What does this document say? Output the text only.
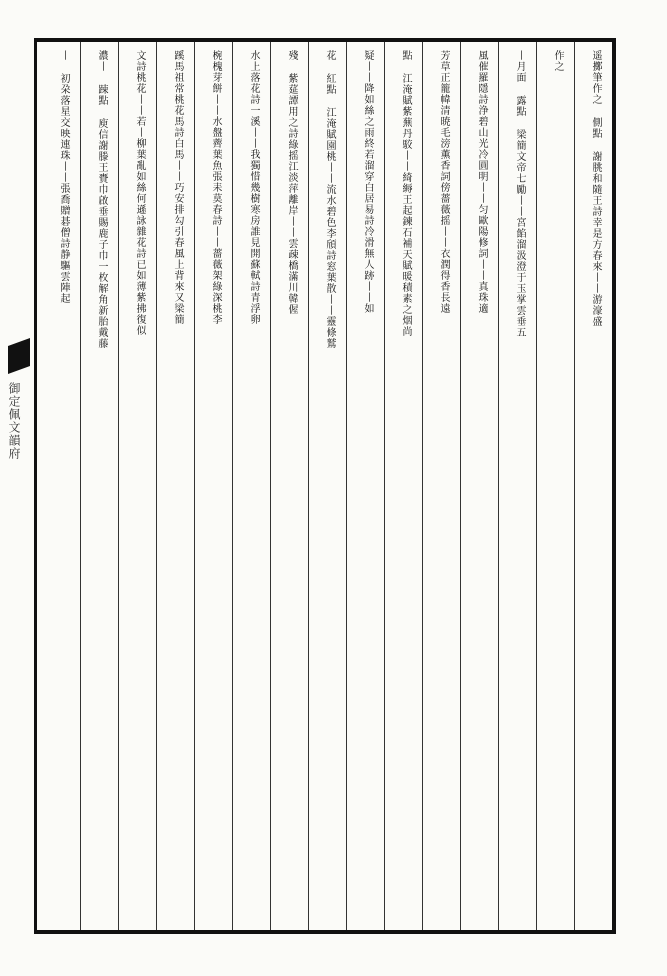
御定佩文韻府
遥擲筆作之 側點 謝朓和隨王詩幸是方春來丨丨游濠盛
作之
丨月面 露點 梁簡文帝七勵丨丨宮餡溜汲澄于玉掌雲垂五
風催羅隱詩浄碧山光冷圓明丨丨匀歐陽修詞丨丨真珠適
芳草正籠幃清暁毛滂薫香詞傍薔薇摇丨丨衣潤得香長遠
點 江淹賦紫蕪丹駮丨丨綺縟王起鍊石補天賦暖積素之烟尚
疑丨丨降如絲之雨終若溜穿白居易詩冷滑無人跡丨丨如
花 紅點 江淹賦園桃丨丨流水碧色李頎詩窓葉散丨丨靈條鷲
殘 紫莚譚用之詩綠摇江淡萍離岸丨丨雲疎橋滿川韓偓
水上落花詩一溪丨丨我獨惜幾樹寒房誰見開蘇軾詩青浮卵
椀槐芽餅丨丨水盤薺葉魚張耒莫春詩丨丨薔薇架綠深桃李
蹊馬祖常桃花馬詩白馬丨丨巧安排勾引春風上背來又梁簡
文詩桃花丨丨若丨柳葉亂如絲何遜詠雜花詩已如薄紫拂復似
濃丨 踈點 庾信謝滕王賚巾啟垂賜鹿子巾一枚解角新胎戴藤
丨 初朶落星交映連珠丨丨張喬贈碁僧詩静驅雲陣起
